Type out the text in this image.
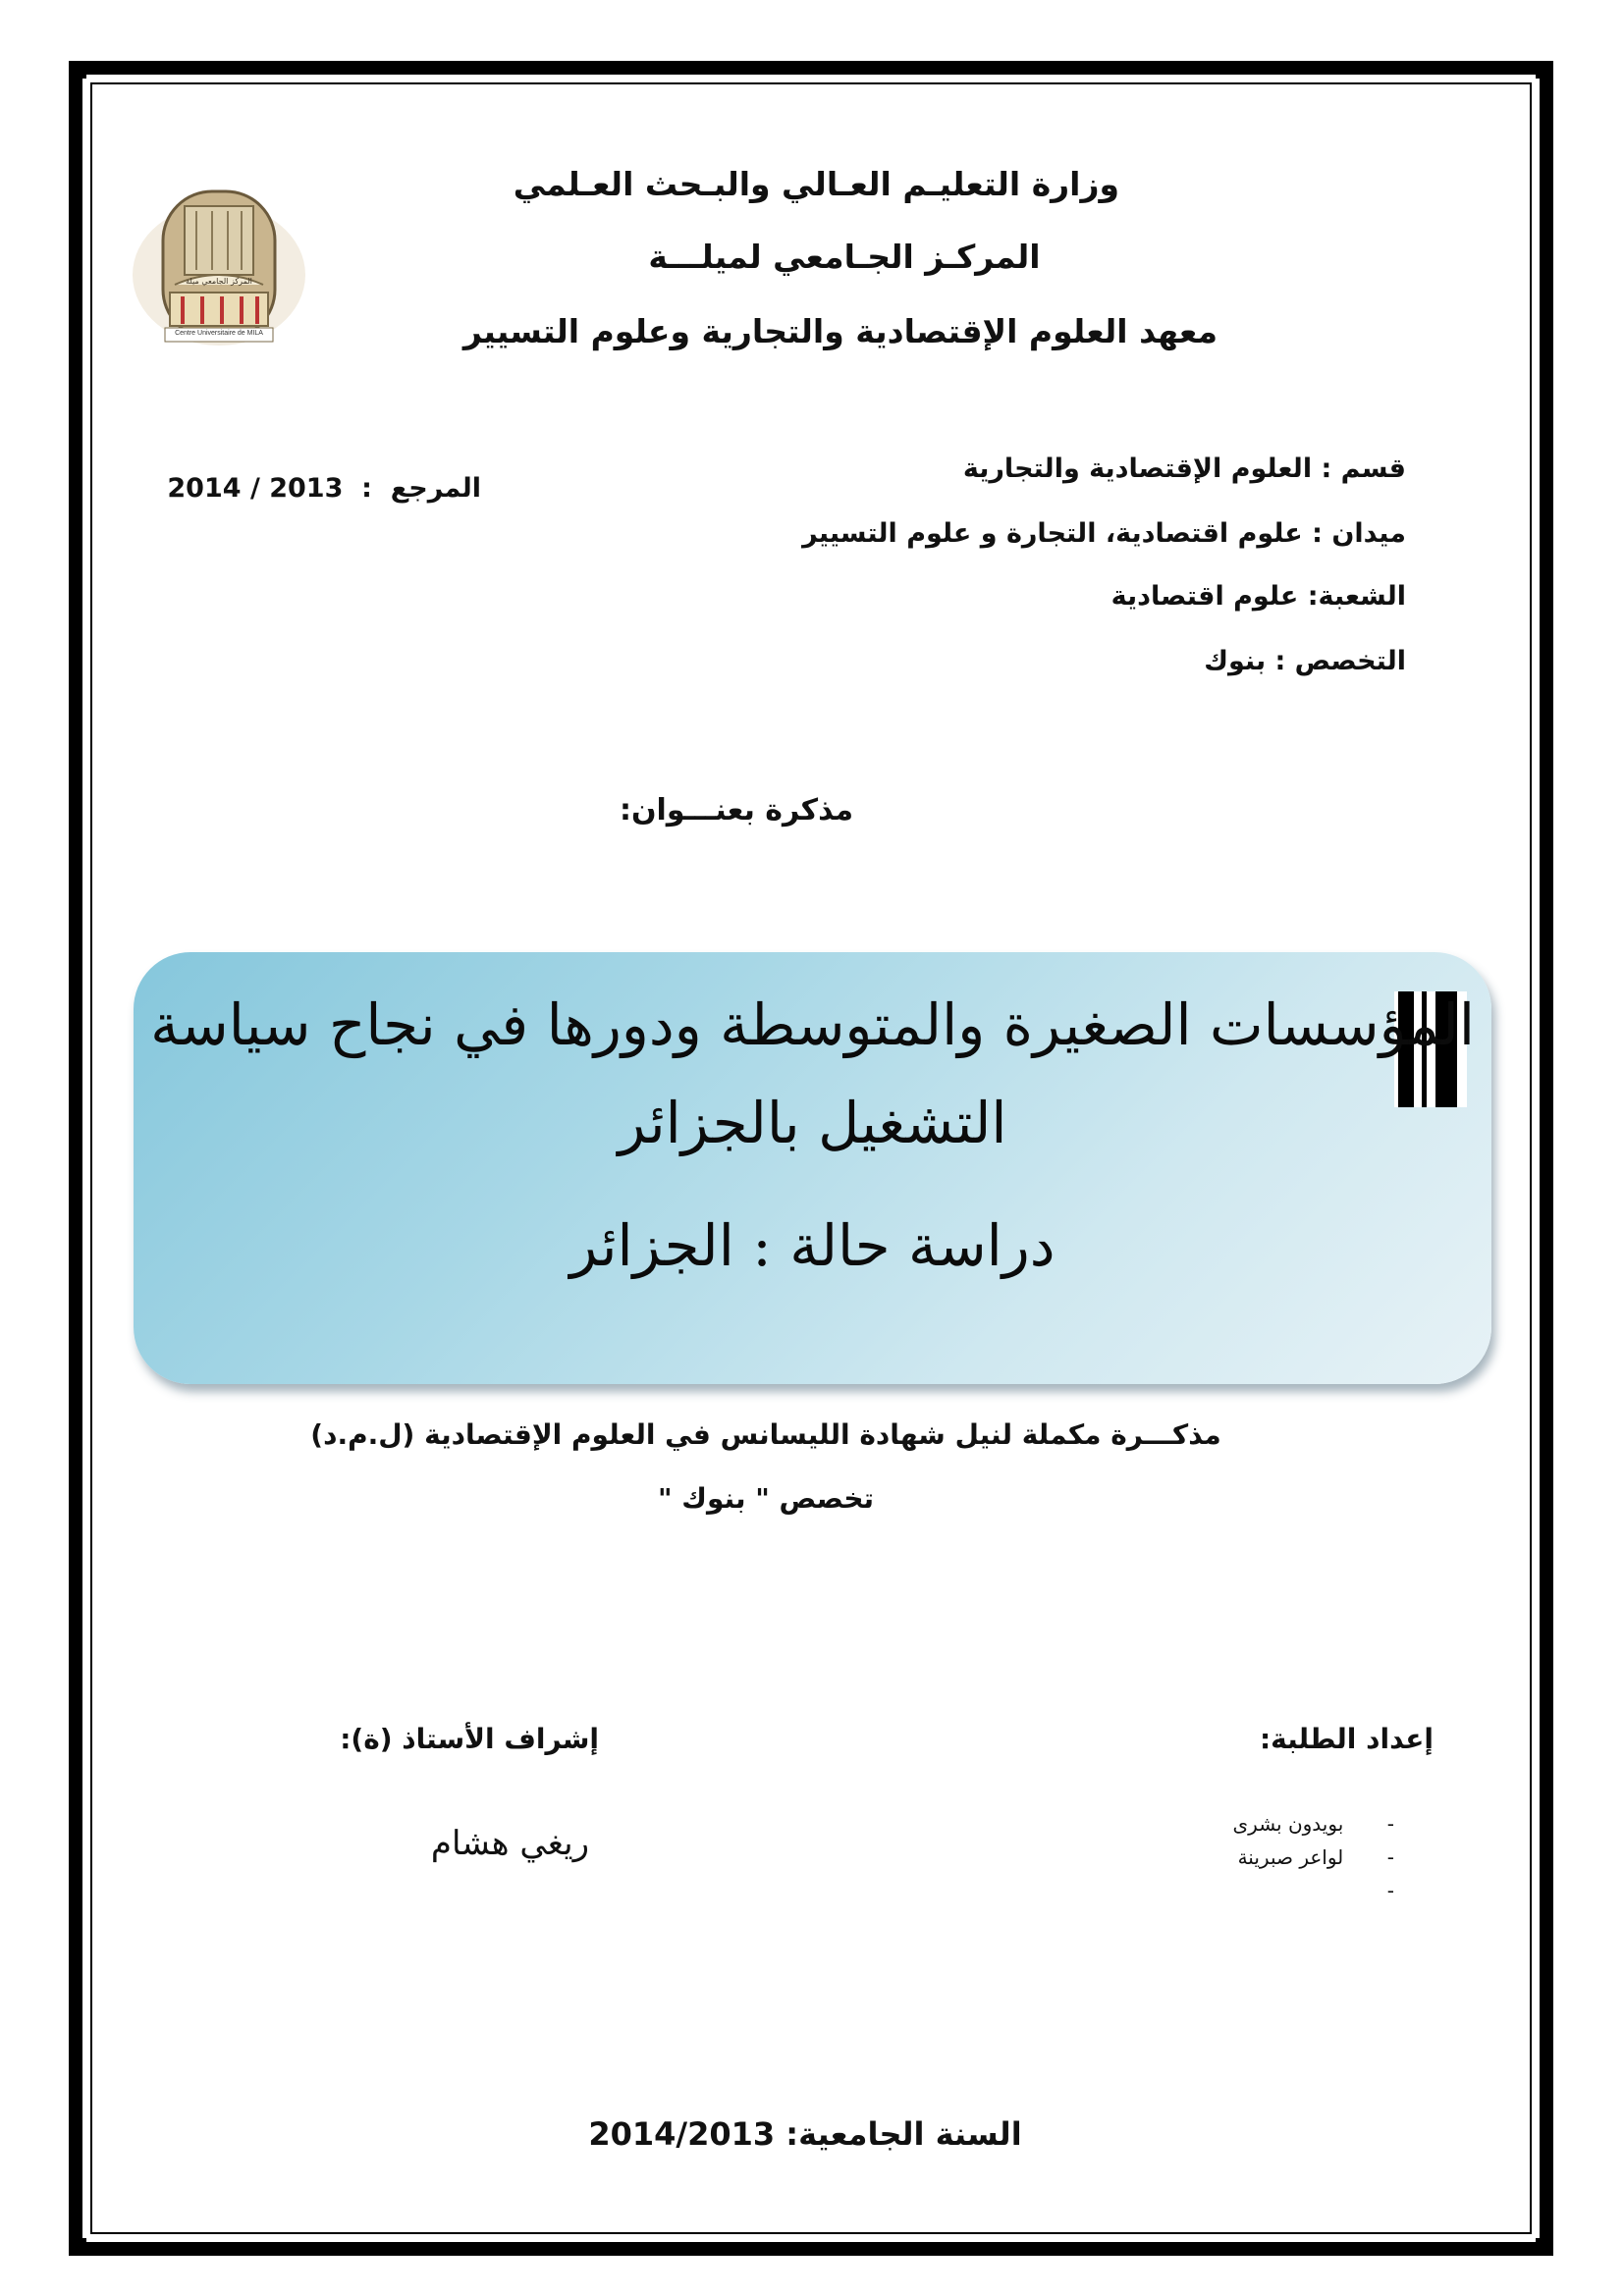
Centre Universitaire de MILA
المركز الجامعي ميلة
وزارة التعليـم العـالي والبـحث العـلمي
المركـز الجـامعي لميلـــة
معهد العلوم الإقتصادية والتجارية وعلوم التسيير
المرجع  :  2013 / 2014
قسم : العلوم الإقتصادية والتجارية
ميدان : علوم اقتصادية، التجارة و علوم التسيير
الشعبة: علوم اقتصادية
التخصص : بنوك
مذكرة بعنـــوان:
المؤسسات الصغيرة والمتوسطة ودورها في نجاح سياسة
التشغيل بالجزائر
دراسة حالة : الجزائر
مذكـــرة مكملة لنيل شهادة الليسانس في العلوم الإقتصادية (ل.م.د)
تخصص " بنوك "
إعداد الطلبة:
-       بويدون بشرى
-       لواعر صبرينة
-
إشراف الأستاذ (ة):
ريغي هشام
السنة الجامعية: 2014/2013
